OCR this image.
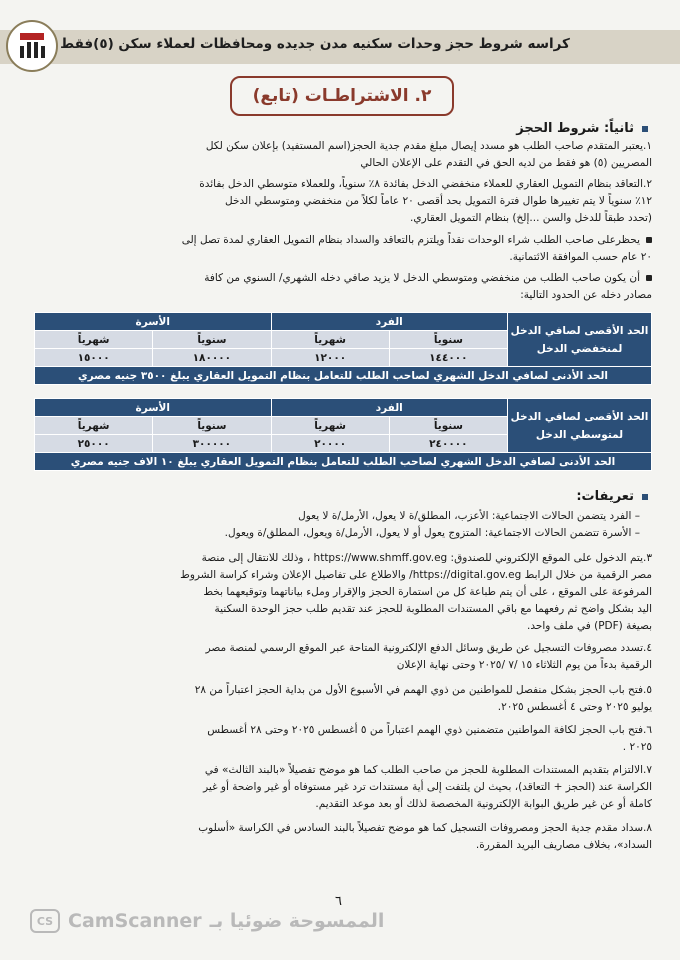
كراسه شروط حجز وحدات سكنيه مدن جديده ومحافظات لعملاء سكن (٥)فقط
٢. الاشتراطـات (تابع)
ثانياً: شروط الحجز
١.يعتبر المتقدم صاحب الطلب هو مسدد إيصال مبلغ مقدم جدية الحجز(اسم المستفيد) بإعلان سكن لكل
المصريين (٥) هو فقط من لديه الحق في التقدم على الإعلان الحالي
٢.التعاقد بنظام التمويل العقاري للعملاء منخفضي الدخل بفائدة ٨٪ سنوياً، وللعملاء متوسطي الدخل بفائدة
١٢٪ سنوياً لا يتم تغييرها طوال فترة التمويل بحد أقصى ٢٠ عاماً لكلاً من منخفضي ومتوسطي الدخل
(تحدد طبقاً للدخل والسن ...إلخ) بنظام التمويل العقاري.
يحظرعلى صاحب الطلب شراء الوحدات نقداً ويلتزم بالتعاقد والسداد بنظام التمويل العقاري لمدة تصل إلى
٢٠ عام حسب الموافقة الائتمانية.
أن يكون صاحب الطلب من منخفضي ومتوسطي الدخل لا يزيد صافي دخله الشهري/ السنوي من كافة
مصادر دخله عن الحدود التالية:
الحد الأقصى لصافي الدخل
لمنخفضي الدخل	الفرد		الأسرة	
	سنوياً	شهرياً	سنوياً	شهرياً
	١٤٤٠٠٠	١٢٠٠٠	١٨٠٠٠٠	١٥٠٠٠
الحد الأدنى لصافي الدخل الشهري لصاحب الطلب للتعامل بنظام التمويل العقاري يبلغ ٣٥٠٠ جنيه مصري				
الحد الأقصى لصافي الدخل
لمتوسطي الدخل	الفرد		الأسرة	
	سنوياً	شهرياً	سنوياً	شهرياً
	٢٤٠٠٠٠	٢٠٠٠٠	٣٠٠٠٠٠	٢٥٠٠٠
الحد الأدنى لصافي الدخل الشهري لصاحب الطلب للتعامل بنظام التمويل العقاري يبلغ ١٠ الاف جنيه مصري				
تعريفات:
– الفرد يتضمن الحالات الاجتماعية: الأعزب، المطلق/ة لا يعول، الأرمل/ة لا يعول
– الأسرة تتضمن الحالات الاجتماعية: المتزوج يعول أو لا يعول، الأرمل/ة ويعول، المطلق/ة ويعول.
٣.يتم الدخول على الموقع الإلكتروني للصندوق: https://www.shmff.gov.eg ، وذلك للانتقال إلى منصة
مصر الرقمية من خلال الرابط https://digital.gov.eg/ والاطلاع على تفاصيل الإعلان وشراء كراسة الشروط
المرفوعة على الموقع ، على أن يتم طباعة كل من استمارة الحجز والإقرار وملء بياناتهما وتوقيعهما بخط
اليد بشكل واضح ثم رفعهما مع باقي المستندات المطلوبة للحجز عند تقديم طلب حجز الوحدة السكنية
بصيغة (PDF) في ملف واحد.
٤.تسدد مصروفات التسجيل عن طريق وسائل الدفع الإلكترونية المتاحة عبر الموقع الرسمي لمنصة مصر
الرقمية بدءاً من يوم الثلاثاء ١٥ /٧ /٢٠٢٥ وحتى نهاية الإعلان
٥.فتح باب الحجز بشكل منفصل للمواطنين من ذوي الهمم في الأسبوع الأول من بداية الحجز اعتباراً من ٢٨
يوليو ٢٠٢٥ وحتى ٤ أغسطس ٢٠٢٥.
٦.فتح باب الحجز لكافة المواطنين متضمنين ذوي الهمم اعتباراً من ٥ أغسطس ٢٠٢٥ وحتى ٢٨ أغسطس
٢٠٢٥ .
٧.الالتزام بتقديم المستندات المطلوبة للحجز من صاحب الطلب كما هو موضح تفصيلاً «بالبند الثالث» في
الكراسة عند (الحجز + التعاقد)، بحيث لن يلتفت إلى أية مستندات ترد غير مستوفاه أو غير واضحة أو غير
كاملة أو عن غير طريق البوابة الإلكترونية المخصصة لذلك أو بعد موعد التقديم.
٨.سداد مقدم جدية الحجز ومصروفات التسجيل كما هو موضح تفصيلاً بالبند السادس في الكراسة «أسلوب
السداد»، بخلاف مصاريف البريد المقررة.
٦
CS CamScanner الممسوحة ضوئيا بـ
